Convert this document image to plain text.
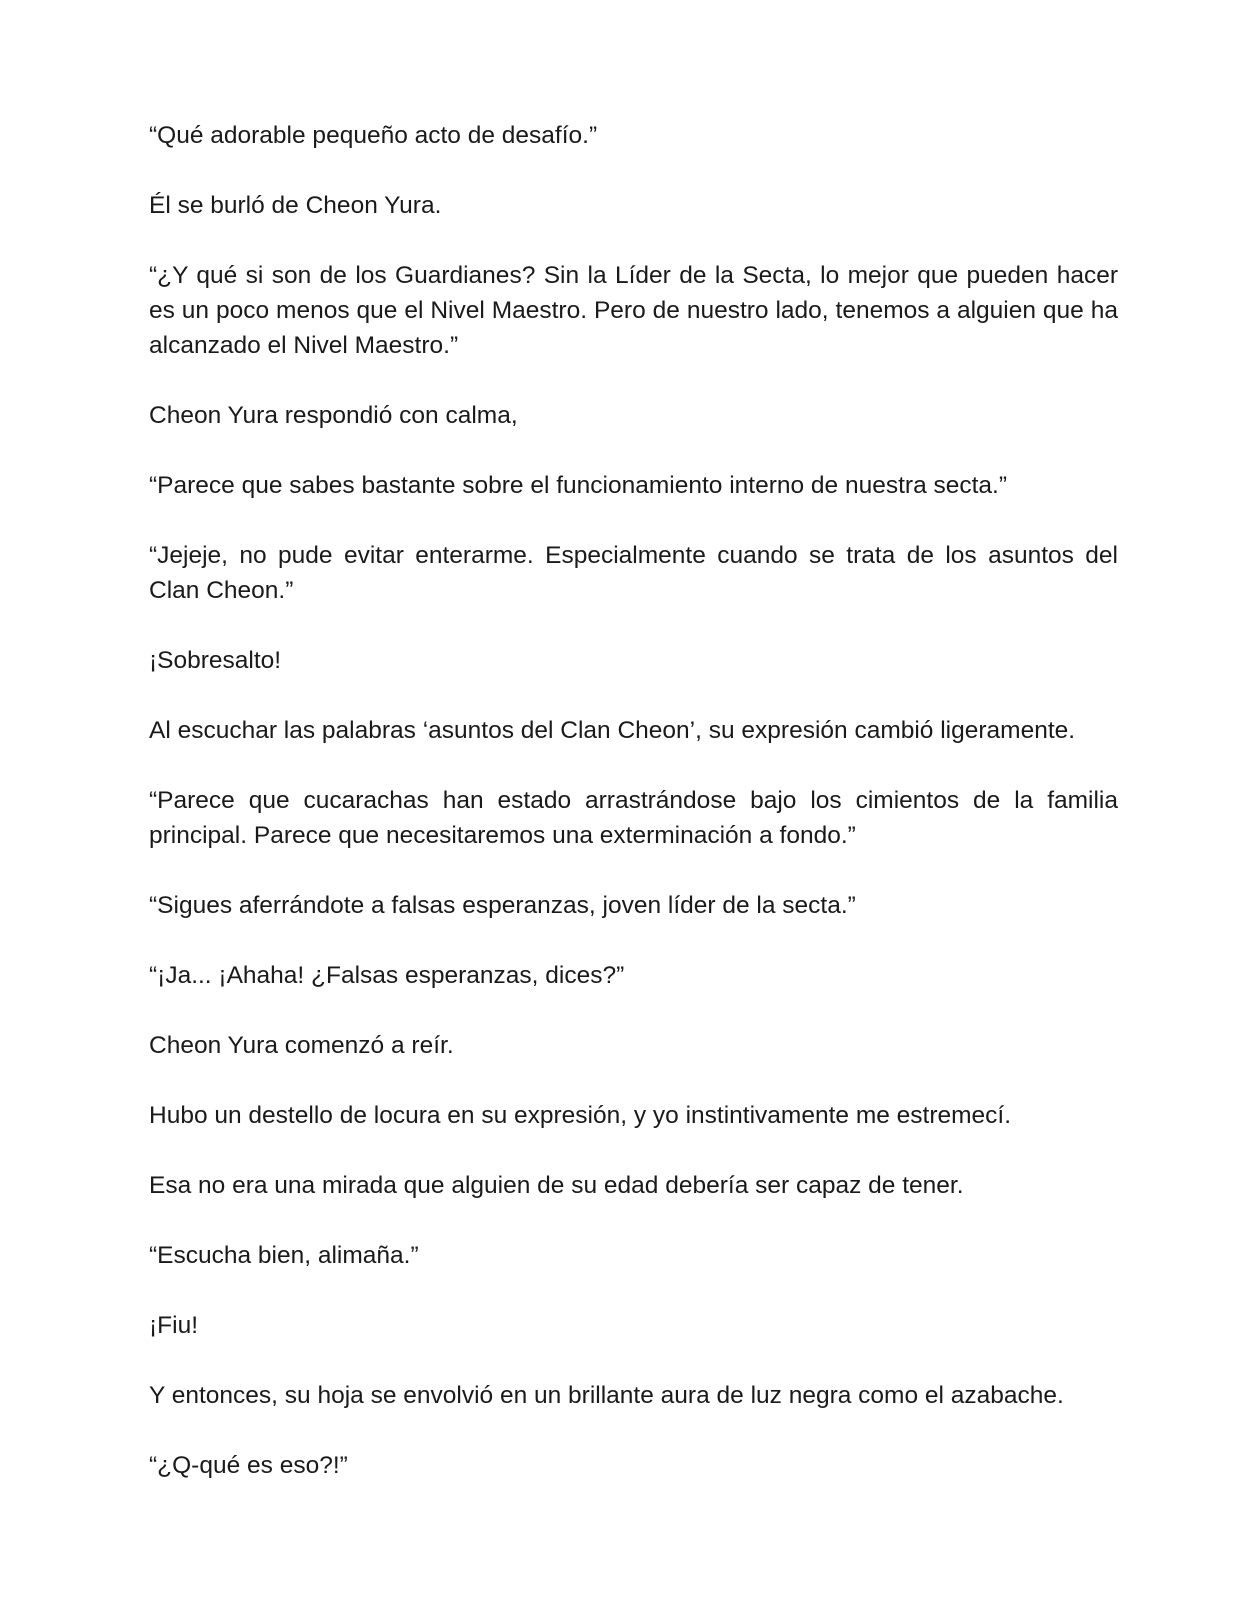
“Qué adorable pequeño acto de desafío.”

Él se burló de Cheon Yura.

“¿Y qué si son de los Guardianes? Sin la Líder de la Secta, lo mejor que pueden hacer es un poco menos que el Nivel Maestro. Pero de nuestro lado, tenemos a alguien que ha alcanzado el Nivel Maestro.”

Cheon Yura respondió con calma,

“Parece que sabes bastante sobre el funcionamiento interno de nuestra secta.”

“Jejeje, no pude evitar enterarme. Especialmente cuando se trata de los asuntos del Clan Cheon.”

¡Sobresalto!

Al escuchar las palabras ‘asuntos del Clan Cheon’, su expresión cambió ligeramente.

“Parece que cucarachas han estado arrastrándose bajo los cimientos de la familia principal. Parece que necesitaremos una exterminación a fondo.”

“Sigues aferrándote a falsas esperanzas, joven líder de la secta.”

“¡Ja... ¡Ahaha! ¿Falsas esperanzas, dices?”

Cheon Yura comenzó a reír.

Hubo un destello de locura en su expresión, y yo instintivamente me estremecí.

Esa no era una mirada que alguien de su edad debería ser capaz de tener.

“Escucha bien, alimaña.”

¡Fiu!

Y entonces, su hoja se envolvió en un brillante aura de luz negra como el azabache.

“¿Q-qué es eso?!”
